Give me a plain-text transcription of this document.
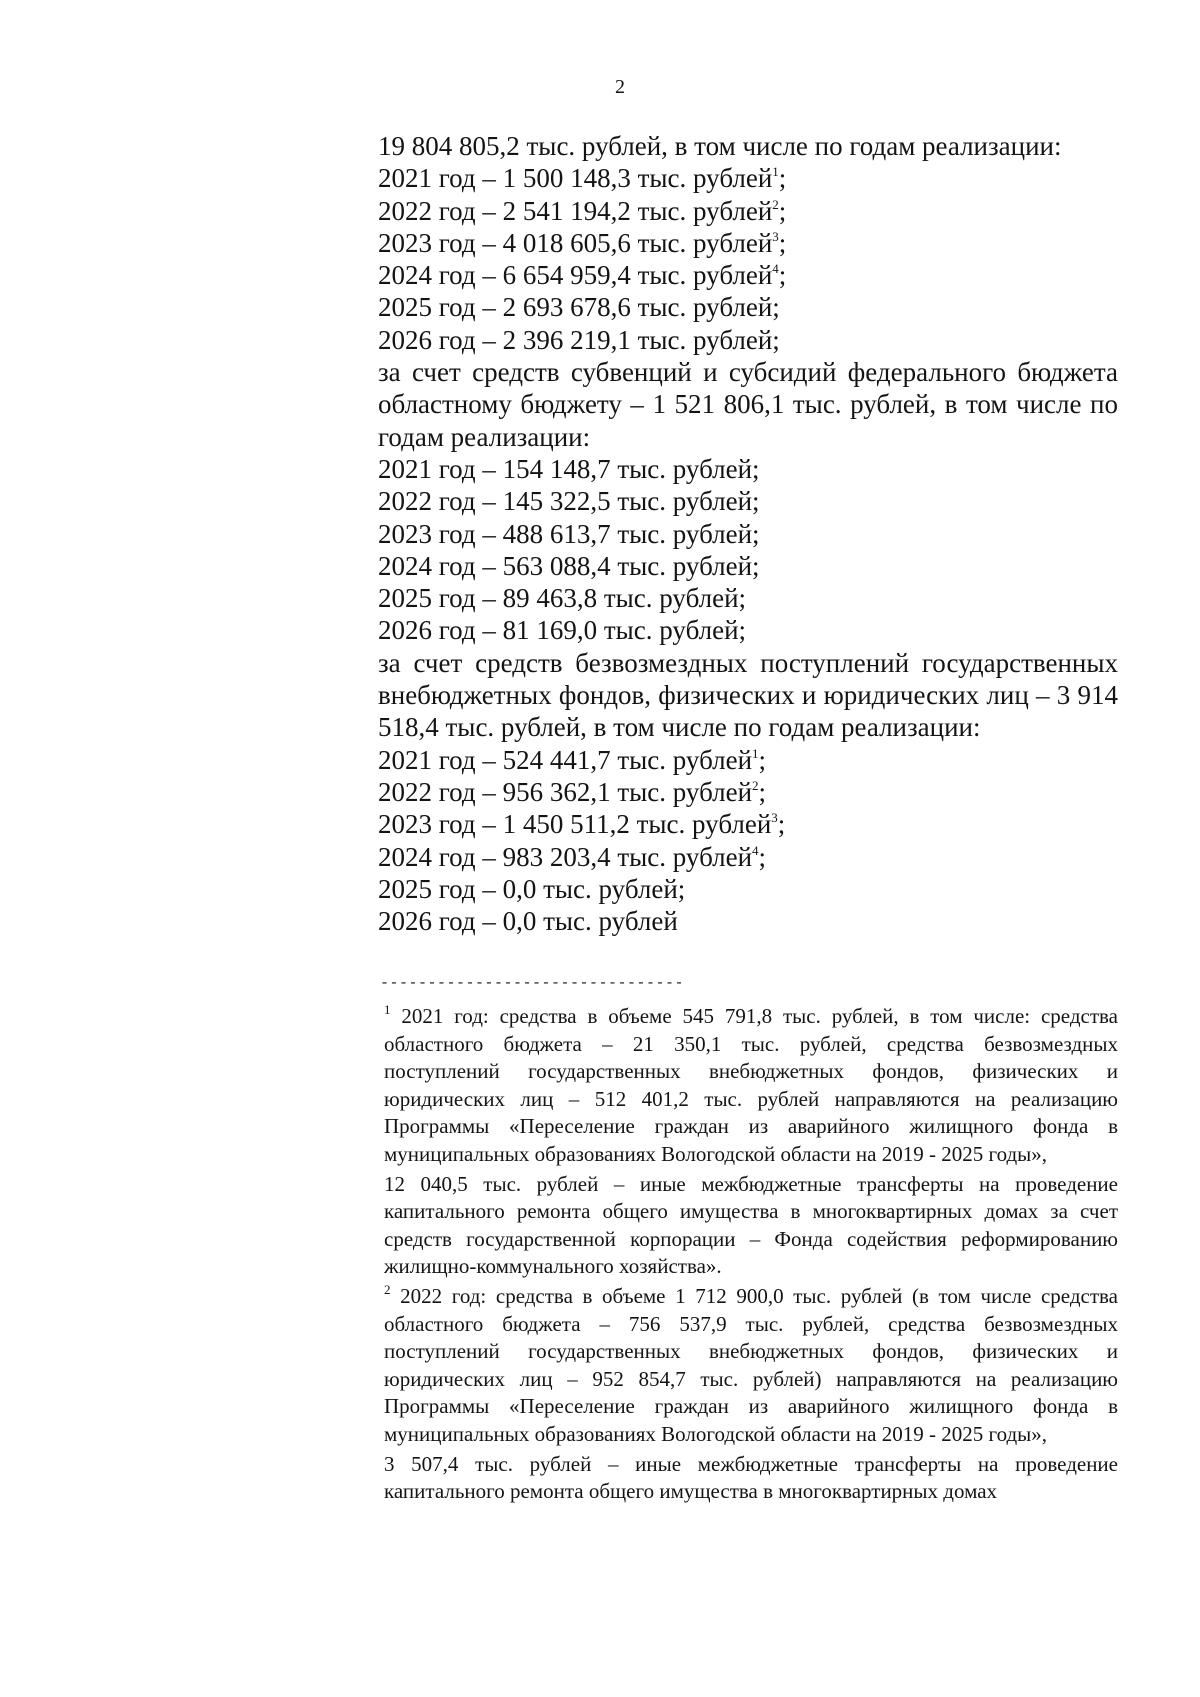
2
19 804 805,2 тыс. рублей, в том числе по годам реализации:
2021 год – 1 500 148,3 тыс. рублей$^1$;
2022 год – 2 541 194,2 тыс. рублей$^2$;
2023 год – 4 018 605,6 тыс. рублей$^3$;
2024 год – 6 654 959,4 тыс. рублей$^4$;
2025 год – 2 693 678,6 тыс. рублей;
2026 год – 2 396 219,1 тыс. рублей;
за счет средств субвенций и субсидий федерального бюджета областному бюджету – 1 521 806,1 тыс. рублей, в том числе по годам реализации:
2021 год – 154 148,7 тыс. рублей;
2022 год – 145 322,5 тыс. рублей;
2023 год – 488 613,7 тыс. рублей;
2024 год – 563 088,4 тыс. рублей;
2025 год – 89 463,8 тыс. рублей;
2026 год – 81 169,0 тыс. рублей;
за счет средств безвозмездных поступлений государственных внебюджетных фондов, физических и юридических лиц – 3 914 518,4 тыс. рублей, в том числе по годам реализации:
2021 год – 524 441,7 тыс. рублей$^1$;
2022 год – 956 362,1 тыс. рублей$^2$;
2023 год – 1 450 511,2 тыс. рублей$^3$;
2024 год – 983 203,4 тыс. рублей$^4$;
2025 год – 0,0 тыс. рублей;
2026 год – 0,0 тыс. рублей
--------------------------------

$^1$ 2021 год: средства в объеме 545 791,8 тыс. рублей, в том числе: средства областного бюджета – 21 350,1 тыс. рублей, средства безвозмездных поступлений государственных внебюджетных фондов, физических и юридических лиц – 512 401,2 тыс. рублей направляются на реализацию Программы «Переселение граждан из аварийного жилищного фонда в муниципальных образованиях Вологодской области на 2019 - 2025 годы»,

12 040,5 тыс. рублей – иные межбюджетные трансферты на проведение капитального ремонта общего имущества в многоквартирных домах за счет средств государственной корпорации – Фонда содействия реформированию жилищно-коммунального хозяйства».

$^2$ 2022 год: средства в объеме 1 712 900,0 тыс. рублей (в том числе средства областного бюджета – 756 537,9 тыс. рублей, средства безвозмездных поступлений государственных внебюджетных фондов, физических и юридических лиц – 952 854,7 тыс. рублей) направляются на реализацию Программы «Переселение граждан из аварийного жилищного фонда в муниципальных образованиях Вологодской области на 2019 - 2025 годы»,

3 507,4 тыс. рублей – иные межбюджетные трансферты на проведение капитального ремонта общего имущества в многоквартирных домах
